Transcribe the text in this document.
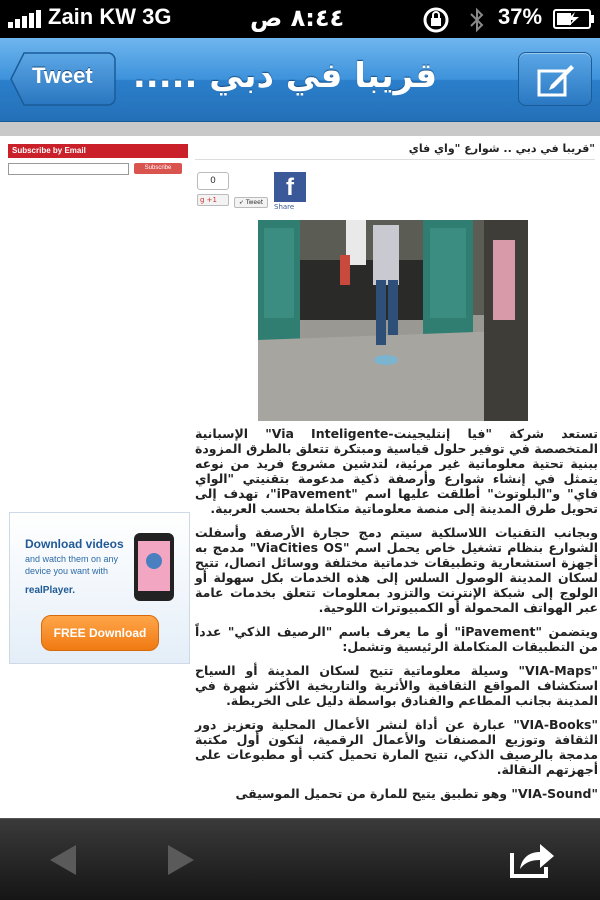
Zain KW 3G	٨:٤٤ ص	37%
Tweet قريبا في دبي .....
Subscribe by Email
Subscribe
"قريبا في دبي .. شوارع "واي فاي
0
g +1	➶ Tweet
f
Share
Download videos
and watch them on any device you want with
realPlayer.
FREE Download

تستعد شركة "فيا إنتليجينت-Via Inteligente" الإسبانية المتخصصة في توفير حلول قياسية ومبتكرة تتعلق بالطرق المزودة ببنية تحتية معلوماتية غير مرئية، لتدشين مشروع فريد من نوعه يتمثل في إنشاء شوارع وأرصفة ذكية مدعومة بتقنيتي "الواي فاي" و"البلوتوث" أطلقت عليها اسم "iPavement"، تهدف إلى تحويل طرق المدينة إلى منصة معلوماتية متكاملة بحسب العربية.

وبجانب التقنيات اللاسلكية سيتم دمج حجارة الأرصفة وأسفلت الشوارع بنظام تشغيل خاص يحمل اسم "ViaCities OS" مدمج به أجهزة استشعارية وتطبيقات خدماتية مختلفة ووسائل اتصال، تتيح لسكان المدينة الوصول السلس إلى هذه الخدمات بكل سهولة أو الولوج إلى شبكة الإنترنت والتزود بمعلومات تتعلق بخدمات عامة عبر الهواتف المحمولة أو الكمبيوترات اللوحية.

ويتضمن "iPavement" أو ما يعرف باسم "الرصيف الذكي" عدداً من التطبيقات المتكاملة الرئيسية وتشمل:

"VIA-Maps" وسيلة معلوماتية تتيح لسكان المدينة أو السياح استكشاف المواقع الثقافية والأثرية والتاريخية الأكثر شهرة في المدينة بجانب المطاعم والفنادق بواسطة دليل على الخريطة.

"VIA-Books" عبارة عن أداة لنشر الأعمال المحلية وتعزيز دور الثقافة وتوزيع المصنفات والأعمال الرقمية، لتكون أول مكتبة مدمجة بالرصيف الذكي، تتيح المارة تحميل كتب أو مطبوعات على أجهزتهم النقالة.

"VIA-Sound" وهو تطبيق يتيح للمارة من تحميل الموسيقى
